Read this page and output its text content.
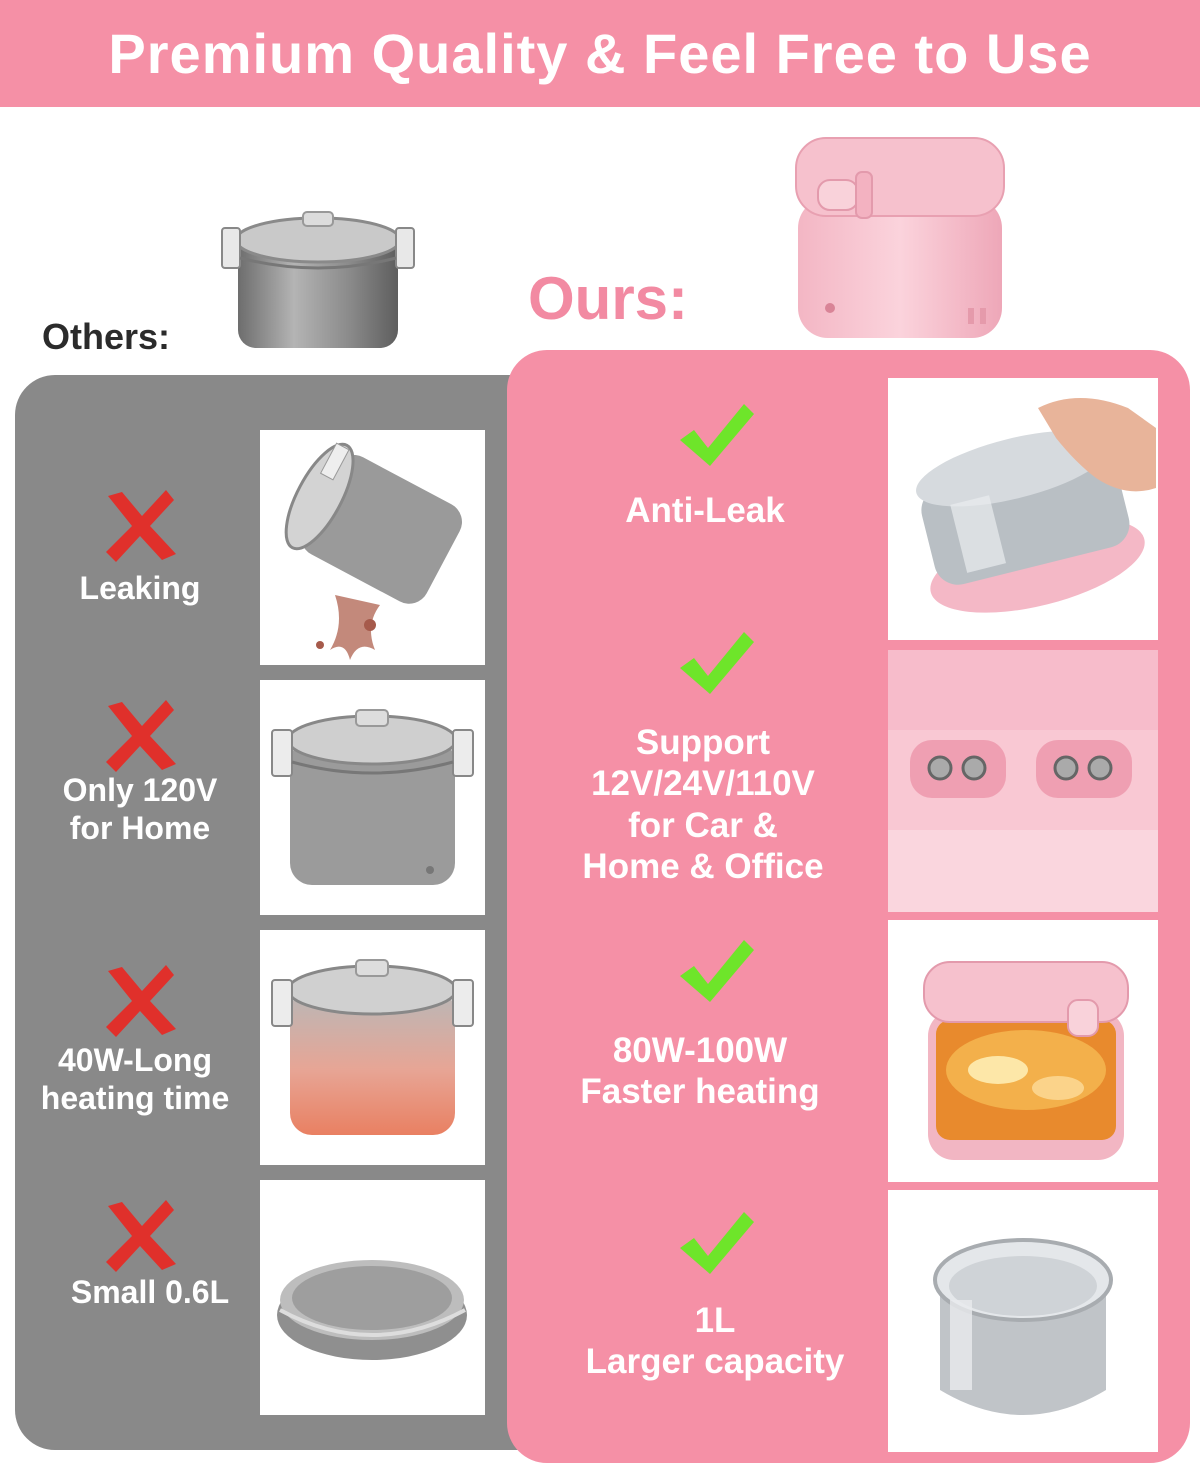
Premium Quality & Feel Free to Use
Others:
Ours:
Leaking
Only 120V
for Home
40W-Long
heating time
Small 0.6L
Anti-Leak
Support
12V/24V/110V
for Car &
Home & Office
80W-100W
Faster heating
1L
Larger capacity
